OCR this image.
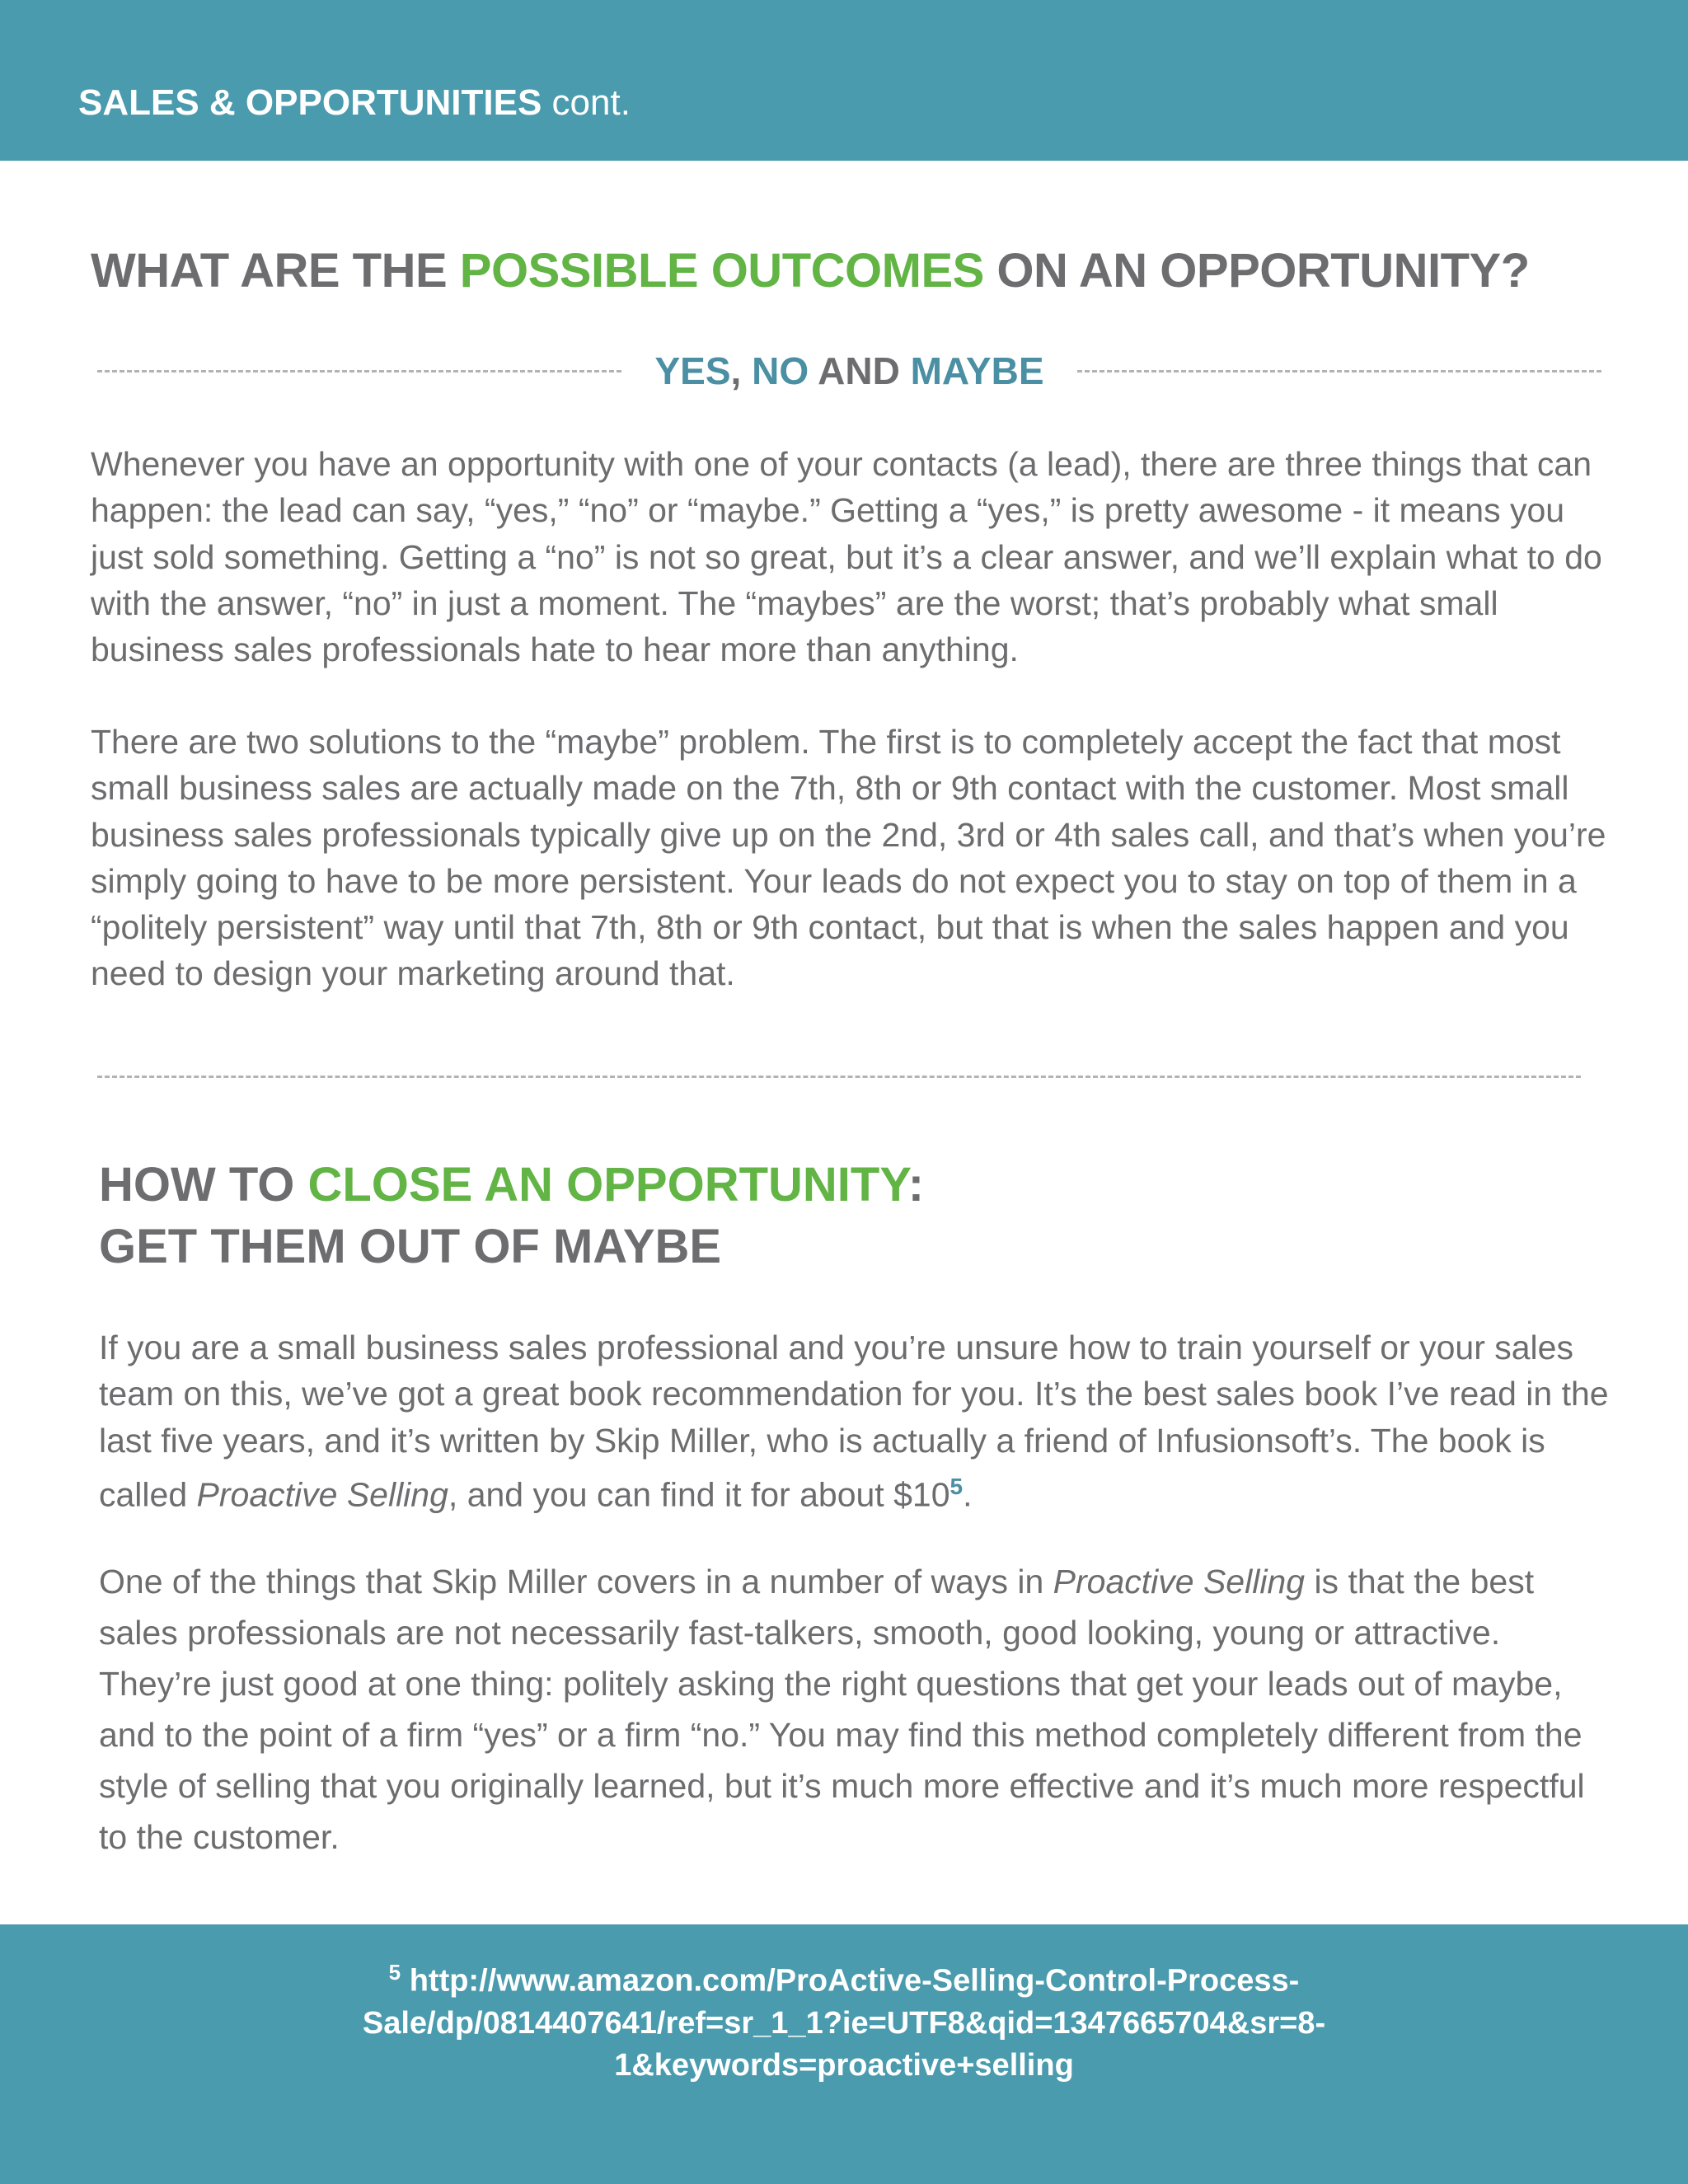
SALES & OPPORTUNITIES cont.
WHAT ARE THE POSSIBLE OUTCOMES ON AN OPPORTUNITY?
YES, NO AND MAYBE

Whenever you have an opportunity with one of your contacts (a lead), there are three things that can happen: the lead can say, “yes,” “no” or “maybe.” Getting a “yes,” is pretty awesome - it means you just sold something. Getting a “no” is not so great, but it’s a clear answer, and we’ll explain what to do with the answer, “no” in just a moment. The “maybes” are the worst; that’s probably what small business sales professionals hate to hear more than anything.

There are two solutions to the “maybe” problem. The first is to completely accept the fact that most small business sales are actually made on the 7th, 8th or 9th contact with the customer. Most small business sales professionals typically give up on the 2nd, 3rd or 4th sales call, and that’s when you’re simply going to have to be more persistent. Your leads do not expect you to stay on top of them in a “politely persistent” way until that 7th, 8th or 9th contact, but that is when the sales happen and you need to design your marketing around that.

HOW TO CLOSE AN OPPORTUNITY:
GET THEM OUT OF MAYBE

If you are a small business sales professional and you’re unsure how to train yourself or your sales team on this, we’ve got a great book recommendation for you. It’s the best sales book I’ve read in the last five years, and it’s written by Skip Miller, who is actually a friend of Infusionsoft’s. The book is called Proactive Selling, and you can find it for about $\$10^5$.

One of the things that Skip Miller covers in a number of ways in Proactive Selling is that the best sales professionals are not necessarily fast-talkers, smooth, good looking, young or attractive. They’re just good at one thing: politely asking the right questions that get your leads out of maybe, and to the point of a firm “yes” or a firm “no.” You may find this method completely different from the style of selling that you originally learned, but it’s much more effective and it’s much more respectful to the customer.

$^5$ http://www.amazon.com/ProActive-Selling-Control-Process-Sale/dp/0814407641/ref=sr_1_1?ie=UTF8&qid=1347665704&sr=8-1&keywords=proactive+selling
